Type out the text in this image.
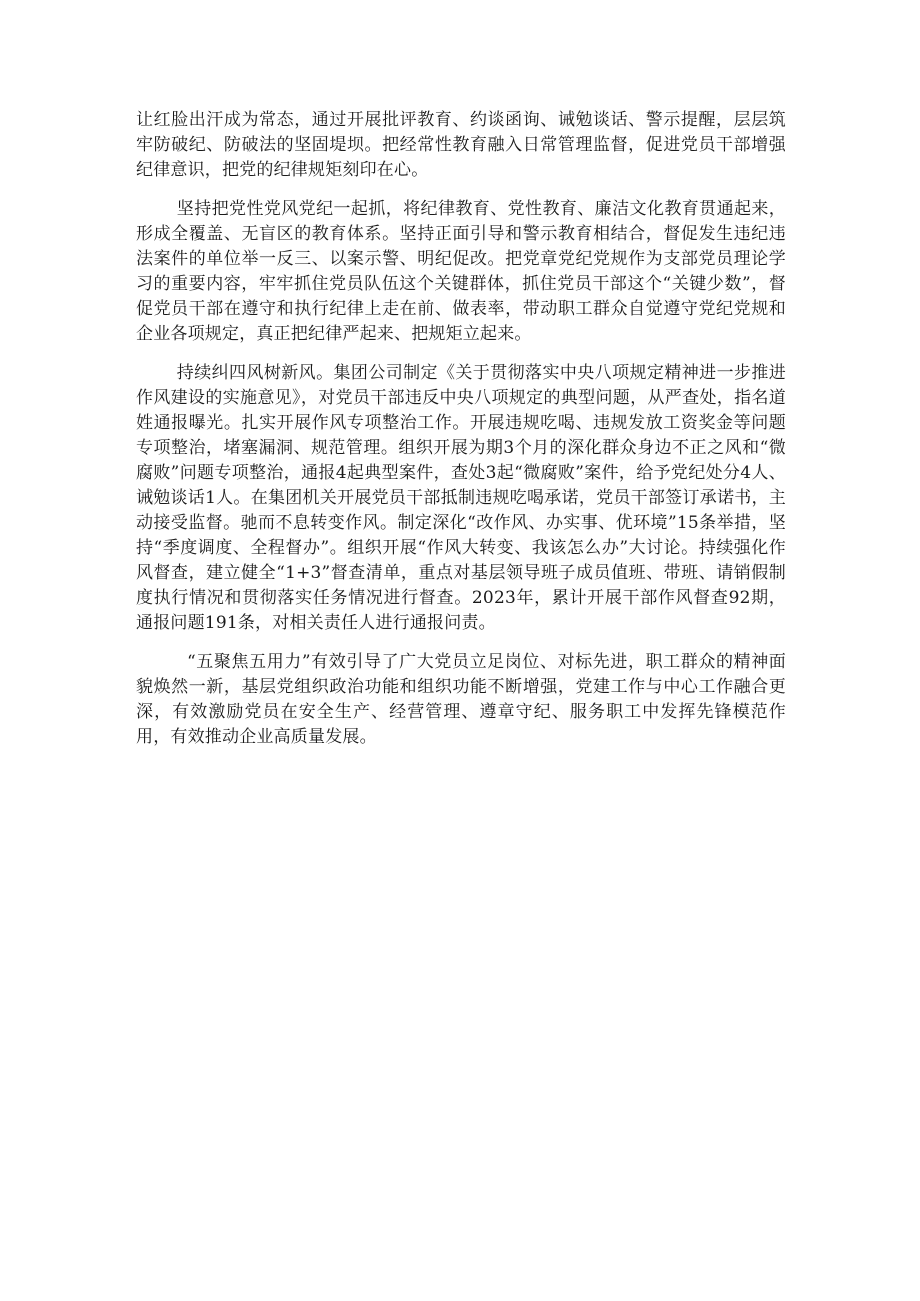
让红脸出汗成为常态，通过开展批评教育、约谈函询、诫勉谈话、警示提醒，层层筑牢防破纪、防破法的坚固堤坝。把经常性教育融入日常管理监督，促进党员干部增强纪律意识，把党的纪律规矩刻印在心。

坚持把党性党风党纪一起抓，将纪律教育、党性教育、廉洁文化教育贯通起来，形成全覆盖、无盲区的教育体系。坚持正面引导和警示教育相结合，督促发生违纪违法案件的单位举一反三、以案示警、明纪促改。把党章党纪党规作为支部党员理论学习的重要内容，牢牢抓住党员队伍这个关键群体，抓住党员干部这个“关键少数”，督促党员干部在遵守和执行纪律上走在前、做表率，带动职工群众自觉遵守党纪党规和企业各项规定，真正把纪律严起来、把规矩立起来。

持续纠四风树新风。集团公司制定《关于贯彻落实中央八项规定精神进一步推进作风建设的实施意见》，对党员干部违反中央八项规定的典型问题，从严查处，指名道姓通报曝光。扎实开展作风专项整治工作。开展违规吃喝、违规发放工资奖金等问题专项整治，堵塞漏洞、规范管理。组织开展为期3个月的深化群众身边不正之风和“微腐败”问题专项整治，通报4起典型案件，查处3起“微腐败”案件，给予党纪处分4人、诫勉谈话1人。在集团机关开展党员干部抵制违规吃喝承诺，党员干部签订承诺书，主动接受监督。驰而不息转变作风。制定深化“改作风、办实事、优环境”15条举措，坚持“季度调度、全程督办”。组织开展“作风大转变、我该怎么办”大讨论。持续强化作风督查，建立健全“1+3”督查清单，重点对基层领导班子成员值班、带班、请销假制度执行情况和贯彻落实任务情况进行督查。2023年，累计开展干部作风督查92期，通报问题191条，对相关责任人进行通报问责。

“五聚焦五用力”有效引导了广大党员立足岗位、对标先进，职工群众的精神面貌焕然一新，基层党组织政治功能和组织功能不断增强，党建工作与中心工作融合更深，有效激励党员在安全生产、经营管理、遵章守纪、服务职工中发挥先锋模范作用，有效推动企业高质量发展。
